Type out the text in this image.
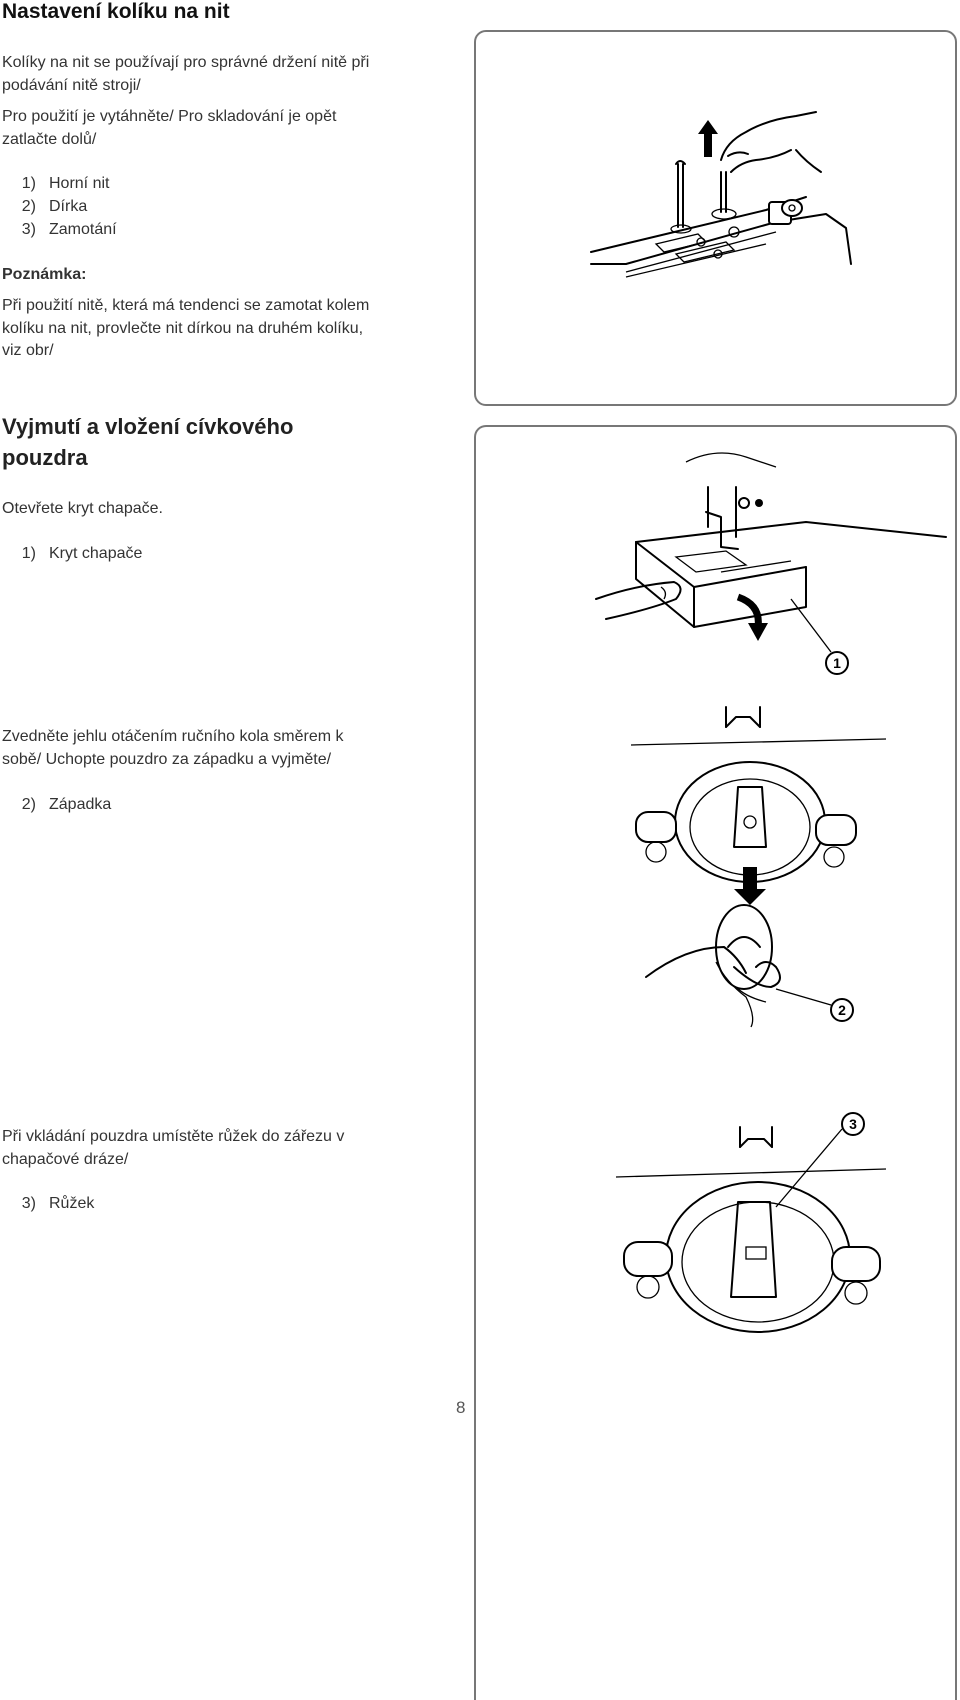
Nastavení kolíku na nit
Kolíky na nit se používají pro správné držení nitě při podávání nitě stroji/
Pro použití je vytáhněte/ Pro skladování je opět zatlačte dolů/
1) Horní nit
2) Dírka
3) Zamotání
Poznámka:
Při použití nitě, která má tendenci se zamotat kolem kolíku na nit, provlečte nit dírkou na druhém kolíku, viz obr/
Vyjmutí a vložení cívkového pouzdra
Otevřete kryt chapače.
1) Kryt chapače
Zvedněte jehlu otáčením ručního kola směrem k sobě/ Uchopte pouzdro za západku a vyjměte/
2) Západka
Při vkládání pouzdra umístěte růžek do zářezu v chapačové dráze/
3) Růžek
1
2
3
8
